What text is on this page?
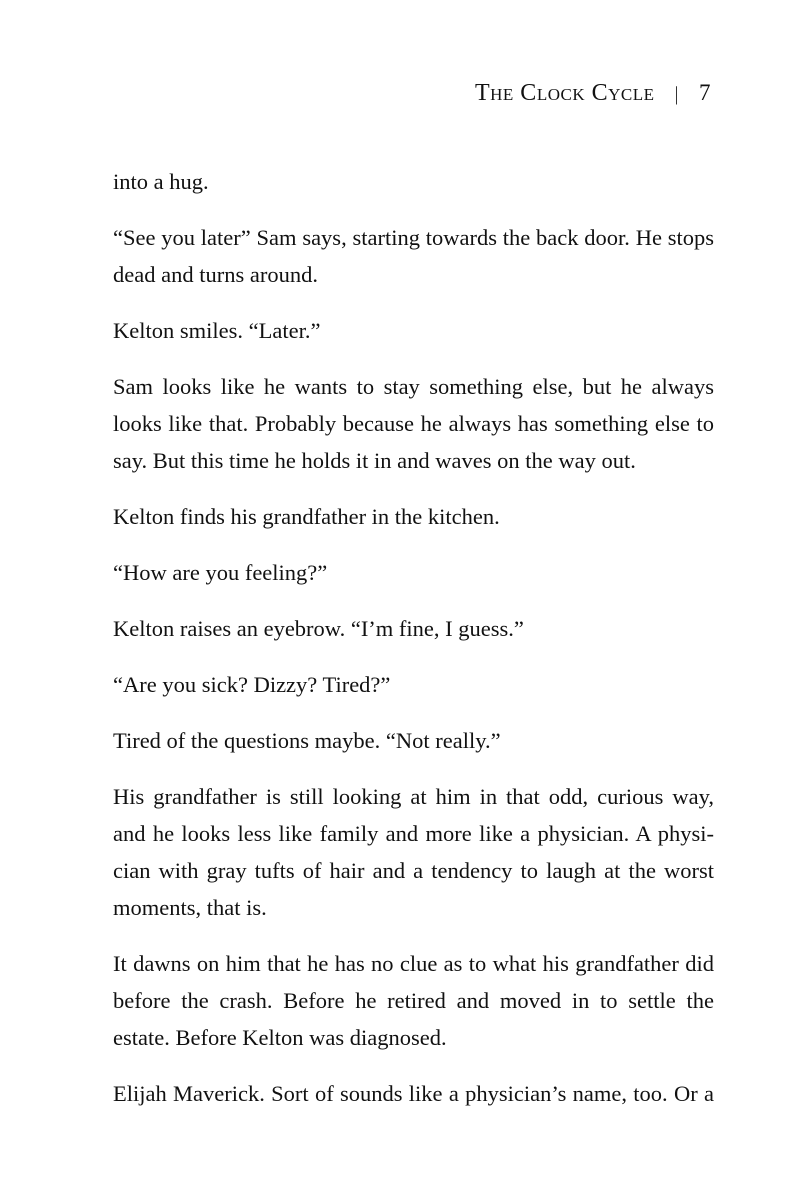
The Clock Cycle | 7

into a hug.

“See you later” Sam says, starting towards the back door. He stops dead and turns around.

Kelton smiles. “Later.”

Sam looks like he wants to stay something else, but he always looks like that. Probably because he always has something else to say. But this time he holds it in and waves on the way out.

Kelton finds his grandfather in the kitchen.

“How are you feeling?”

Kelton raises an eyebrow. “I’m fine, I guess.”

“Are you sick? Dizzy? Tired?”

Tired of the questions maybe. “Not really.”

His grandfather is still looking at him in that odd, curious way, and he looks less like family and more like a physician. A physician with gray tufts of hair and a tendency to laugh at the worst moments, that is.

It dawns on him that he has no clue as to what his grandfather did before the crash. Before he retired and moved in to settle the estate. Before Kelton was diagnosed.

Elijah Maverick. Sort of sounds like a physician’s name, too. Or a
